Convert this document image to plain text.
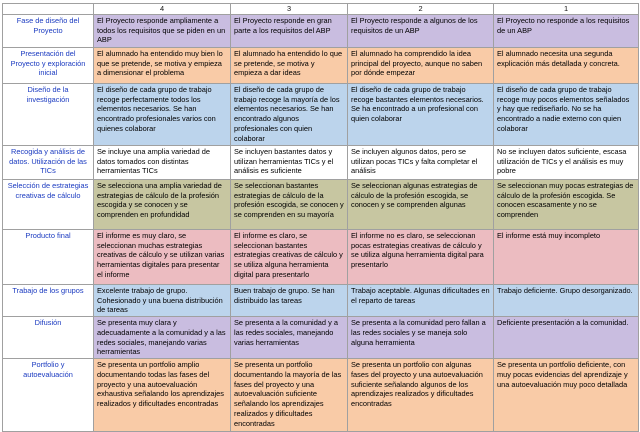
	4	3	2	1
Fase de diseño del Proyecto	El Proyecto responde ampliamente a todos los requisitos que se piden en un ABP	El Proyecto responde en gran parte a los requisitos del ABP	El Proyecto responde a algunos de los requisitos de un ABP	El Proyecto no responde a los requisitos de un ABP
Presentación del Proyecto y exploración inicial	El alumnado ha entendido muy bien lo que se pretende, se motiva y empieza a dimensionar el problema	El alumnado ha entendido lo que se pretende, se motiva y empieza a dar ideas	El alumnado ha comprendido la idea principal del proyecto, aunque no saben por dónde empezar	El alumnado necesita una segunda explicación más detallada y concreta.
Diseño de la investigación	El diseño de cada grupo de trabajo recoge perfectamente todos los elementos necesarios. Se han encontrado profesionales varios con quienes colaborar	El diseño de cada grupo de trabajo recoge la mayoría de los elementos necesarios. Se han encontrado algunos profesionales con quien colaborar	El diseño de cada grupo de trabajo recoge bastantes elementos necesarios. Se ha encontrado a un profesional con quien colaborar	El diseño de cada grupo de trabajo recoge muy pocos elementos señalados y hay que rediseñarlo. No se ha encontrado a nadie externo con quien colaborar
Recogida y análisis de datos. Utilización de las TICs	Se incluye una amplia variedad de datos tomados con distintas herramientas TICs	Se incluyen bastantes datos y utilizan herramientas TICs y el análisis es suficiente	Se incluyen algunos datos, pero se utilizan pocas TICs y falta completar el análisis	No se incluyen datos suficiente, escasa utilización de TICs y el análisis es muy pobre
Selección de estrategias creativas de cálculo	Se selecciona una amplia variedad de estrategias de cálculo de la profesión escogida y se conocen y se comprenden en profundidad	Se seleccionan bastantes estrategias de cálculo de la profesión escogida, se conocen y se comprenden en su mayoría	Se seleccionan algunas estrategias de cálculo de la profesión escogida, se conocen y se comprenden algunas	Se seleccionan muy pocas estrategias de cálculo de la profesión escogida. Se conocen escasamente y no se comprenden
Producto final	El informe es muy claro, se seleccionan muchas estrategias creativas de cálculo y se utilizan varias herramientas digitales para presentar el informe	El informe es claro, se seleccionan bastantes estrategias creativas de cálculo y se utiliza alguna herramienta digital para presentarlo	El informe no es claro, se seleccionan pocas estrategias creativas de cálculo y se utiliza alguna herramienta digital para presentarlo	El informe está muy incompleto
Trabajo de los grupos	Excelente trabajo de grupo. Cohesionado y una buena distribución de tareas	Buen trabajo de grupo. Se han distribuido las tareas	Trabajo aceptable. Algunas dificultades en el reparto de tareas	Trabajo deficiente. Grupo desorganizado.
Difusión	Se presenta muy clara y adecuadamente a la comunidad y a las redes sociales, manejando varias herramientas	Se presenta a la comunidad y a las redes sociales, manejando varias herramientas	Se presenta a la comunidad pero fallan a las redes sociales y se maneja solo alguna herramienta	Deficiente presentación a la comunidad.
Portfolio y autoevaluación	Se presenta un portfolio amplio documentando todas las fases del proyecto y una autoevaluación exhaustiva señalando los aprendizajes realizados y dificultades encontradas	Se presenta un portfolio documentando la mayoría de las fases del proyecto y una autoevaluación suficiente señalando los aprendizajes realizados y dificultades encontradas	Se presenta un portfolio con algunas fases del proyecto y una autoevaluación suficiente señalando algunos de los aprendizajes realizados y dificultades encontradas	Se presenta un portfolio deficiente, con muy pocas evidencias del aprendizaje y una autoevaluación muy poco detallada
